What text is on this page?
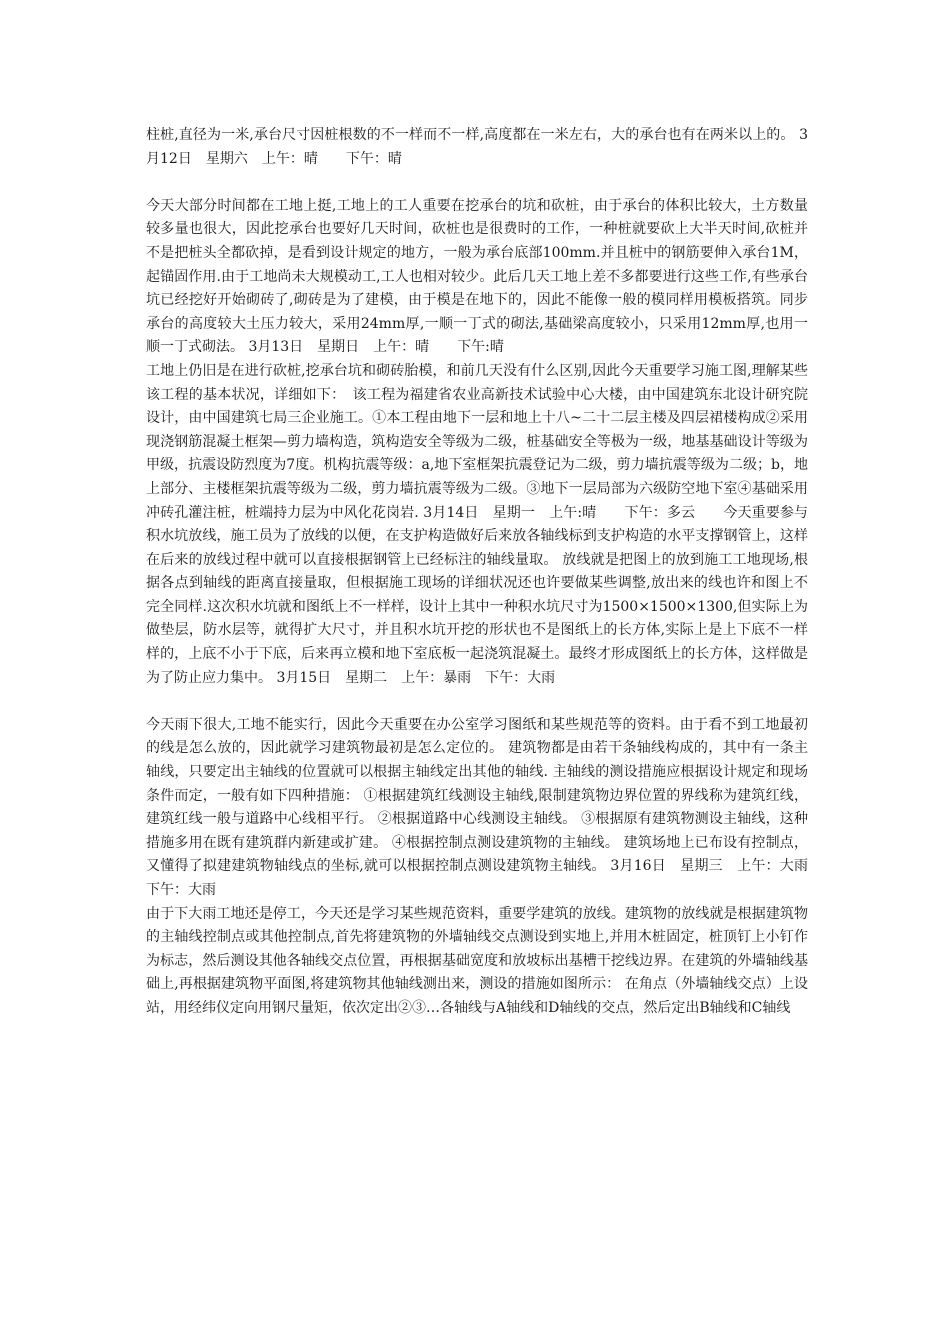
柱桩,直径为一米,承台尺寸因桩根数的不一样而不一样,高度都在一米左右，大的承台也有在两米以上的。 3月12日　星期六　上午：晴　　下午：晴

今天大部分时间都在工地上挺,工地上的工人重要在挖承台的坑和砍桩，由于承台的体积比较大，土方数量较多量也很大，因此挖承台也要好几天时间，砍桩也是很费时的工作，一种桩就要砍上大半天时间,砍桩并不是把桩头全都砍掉，是看到设计规定的地方，一般为承台底部100mm.并且桩中的钢筋要伸入承台1M，起锚固作用.由于工地尚未大规模动工,工人也相对较少。此后几天工地上差不多都要进行这些工作,有些承台坑已经挖好开始砌砖了,砌砖是为了建模，由于模是在地下的，因此不能像一般的模同样用模板搭筑。同步承台的高度较大土压力较大，采用24mm厚,一顺一丁式的砌法,基础梁高度较小，只采用12mm厚,也用一顺一丁式砌法。 3月13日　星期日　上午：晴　　下午:晴

工地上仍旧是在进行砍桩,挖承台坑和砌砖胎模，和前几天没有什么区别,因此今天重要学习施工图,理解某些该工程的基本状况，详细如下：　该工程为福建省农业高新技术试验中心大楼，由中国建筑东北设计研究院设计，由中国建筑七局三企业施工。①本工程由地下一层和地上十八~二十二层主楼及四层裙楼构成②采用现浇钢筋混凝土框架—剪力墙构造，筑构造安全等级为二级，桩基础安全等极为一级，地基基础设计等级为甲级，抗震设防烈度为7度。机构抗震等级：a,地下室框架抗震登记为二级，剪力墙抗震等级为二级；b，地上部分、主楼框架抗震等级为二级，剪力墙抗震等级为二级。③地下一层局部为六级防空地下室④基础采用冲砖孔灌注桩，桩端持力层为中风化花岗岩. 3月14日　星期一　上午:晴　　下午：多云　　今天重要参与积水坑放线，施工员为了放线的以便，在支护构造做好后来放各轴线标到支护构造的水平支撑钢管上，这样在后来的放线过程中就可以直接根据钢管上已经标注的轴线量取。 放线就是把图上的放到施工工地现场,根据各点到轴线的距离直接量取，但根据施工现场的详细状况还也许要做某些调整,放出来的线也许和图上不完全同样.这次积水坑就和图纸上不一样样，设计上其中一种积水坑尺寸为1500×1500×1300,但实际上为做垫层，防水层等，就得扩大尺寸，并且积水坑开挖的形状也不是图纸上的长方体,实际上是上下底不一样样的，上底不小于下底，后来再立模和地下室底板一起浇筑混凝土。最终才形成图纸上的长方体，这样做是为了防止应力集中。 3月15日　星期二　上午：暴雨　下午：大雨

今天雨下很大,工地不能实行，因此今天重要在办公室学习图纸和某些规范等的资料。由于看不到工地最初的线是怎么放的，因此就学习建筑物最初是怎么定位的。 建筑物都是由若干条轴线构成的，其中有一条主轴线，只要定出主轴线的位置就可以根据主轴线定出其他的轴线. 主轴线的测设措施应根据设计规定和现场条件而定，一般有如下四种措施： ①根据建筑红线测设主轴线,限制建筑物边界位置的界线称为建筑红线，建筑红线一般与道路中心线相平行。 ②根据道路中心线测设主轴线。 ③根据原有建筑物测设主轴线，这种措施多用在既有建筑群内新建或扩建。 ④根据控制点测设建筑物的主轴线。 建筑场地上已布设有控制点，又懂得了拟建建筑物轴线点的坐标,就可以根据控制点测设建筑物主轴线。 3月16日　星期三　上午：大雨　下午：大雨

由于下大雨工地还是停工，今天还是学习某些规范资料，重要学建筑的放线。建筑物的放线就是根据建筑物的主轴线控制点或其他控制点,首先将建筑物的外墙轴线交点测设到实地上,并用木桩固定，桩顶钉上小钉作为标志，然后测设其他各轴线交点位置，再根据基础宽度和放坡标出基槽干挖线边界。在建筑的外墙轴线基础上,再根据建筑物平面图,将建筑物其他轴线测出来，测设的措施如图所示： 在角点（外墙轴线交点）上设站，用经纬仪定向用钢尺量矩，依次定出②③…各轴线与A轴线和D轴线的交点，然后定出B轴线和C轴线
